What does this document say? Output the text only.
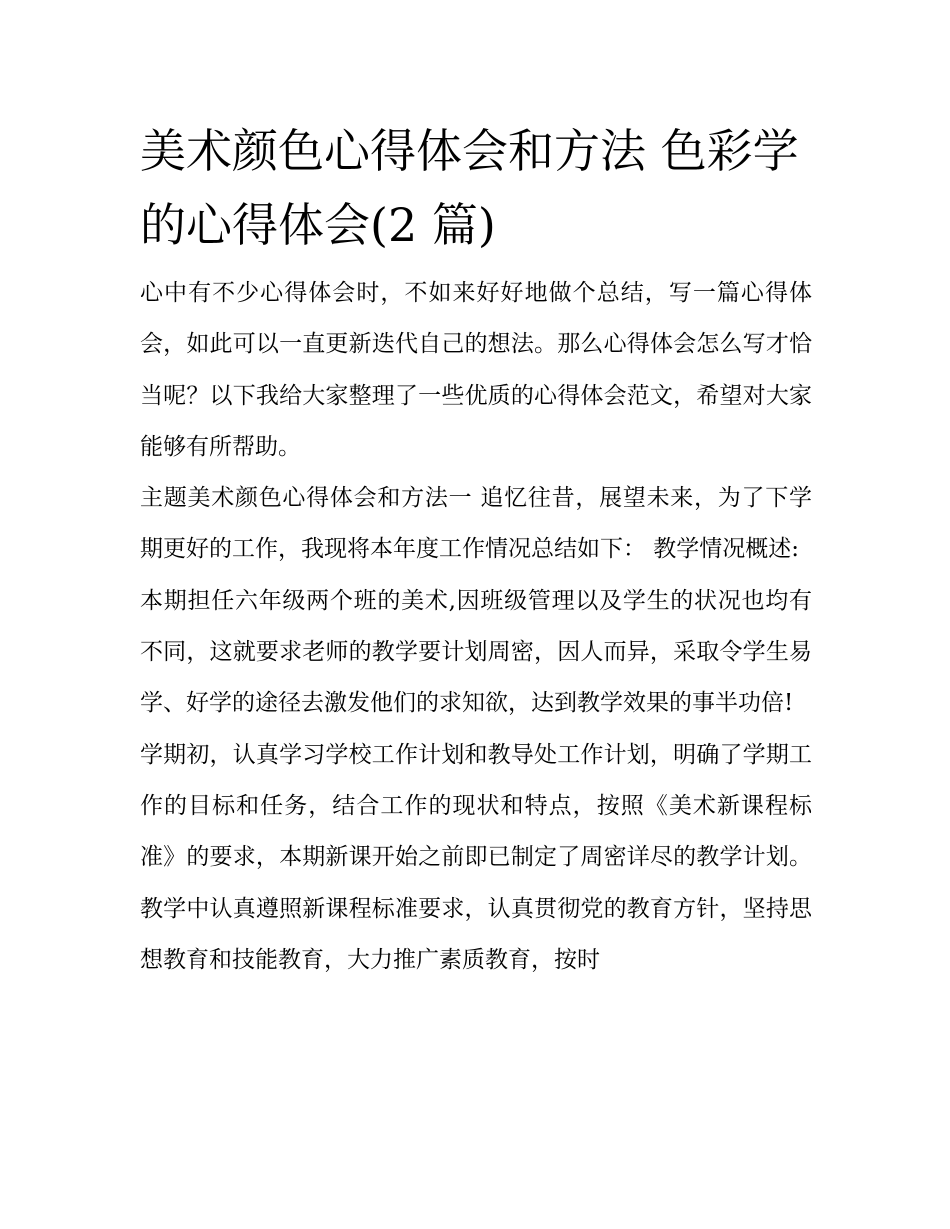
美术颜色心得体会和方法 色彩学的心得体会(2 篇)

心中有不少心得体会时，不如来好好地做个总结，写一篇心得体会，如此可以一直更新迭代自己的想法。那么心得体会怎么写才恰当呢？以下我给大家整理了一些优质的心得体会范文，希望对大家能够有所帮助。

主题美术颜色心得体会和方法一 追忆往昔，展望未来，为了下学期更好的工作，我现将本年度工作情况总结如下： 教学情况概述:

本期担任六年级两个班的美术,因班级管理以及学生的状况也均有不同，这就要求老师的教学要计划周密，因人而异，采取令学生易学、好学的途径去激发他们的求知欲，达到教学效果的事半功倍!

学期初，认真学习学校工作计划和教导处工作计划，明确了学期工作的目标和任务，结合工作的现状和特点，按照《美术新课程标准》的要求，本期新课开始之前即已制定了周密详尽的教学计划。教学中认真遵照新课程标准要求，认真贯彻党的教育方针，坚持思想教育和技能教育，大力推广素质教育，按时
